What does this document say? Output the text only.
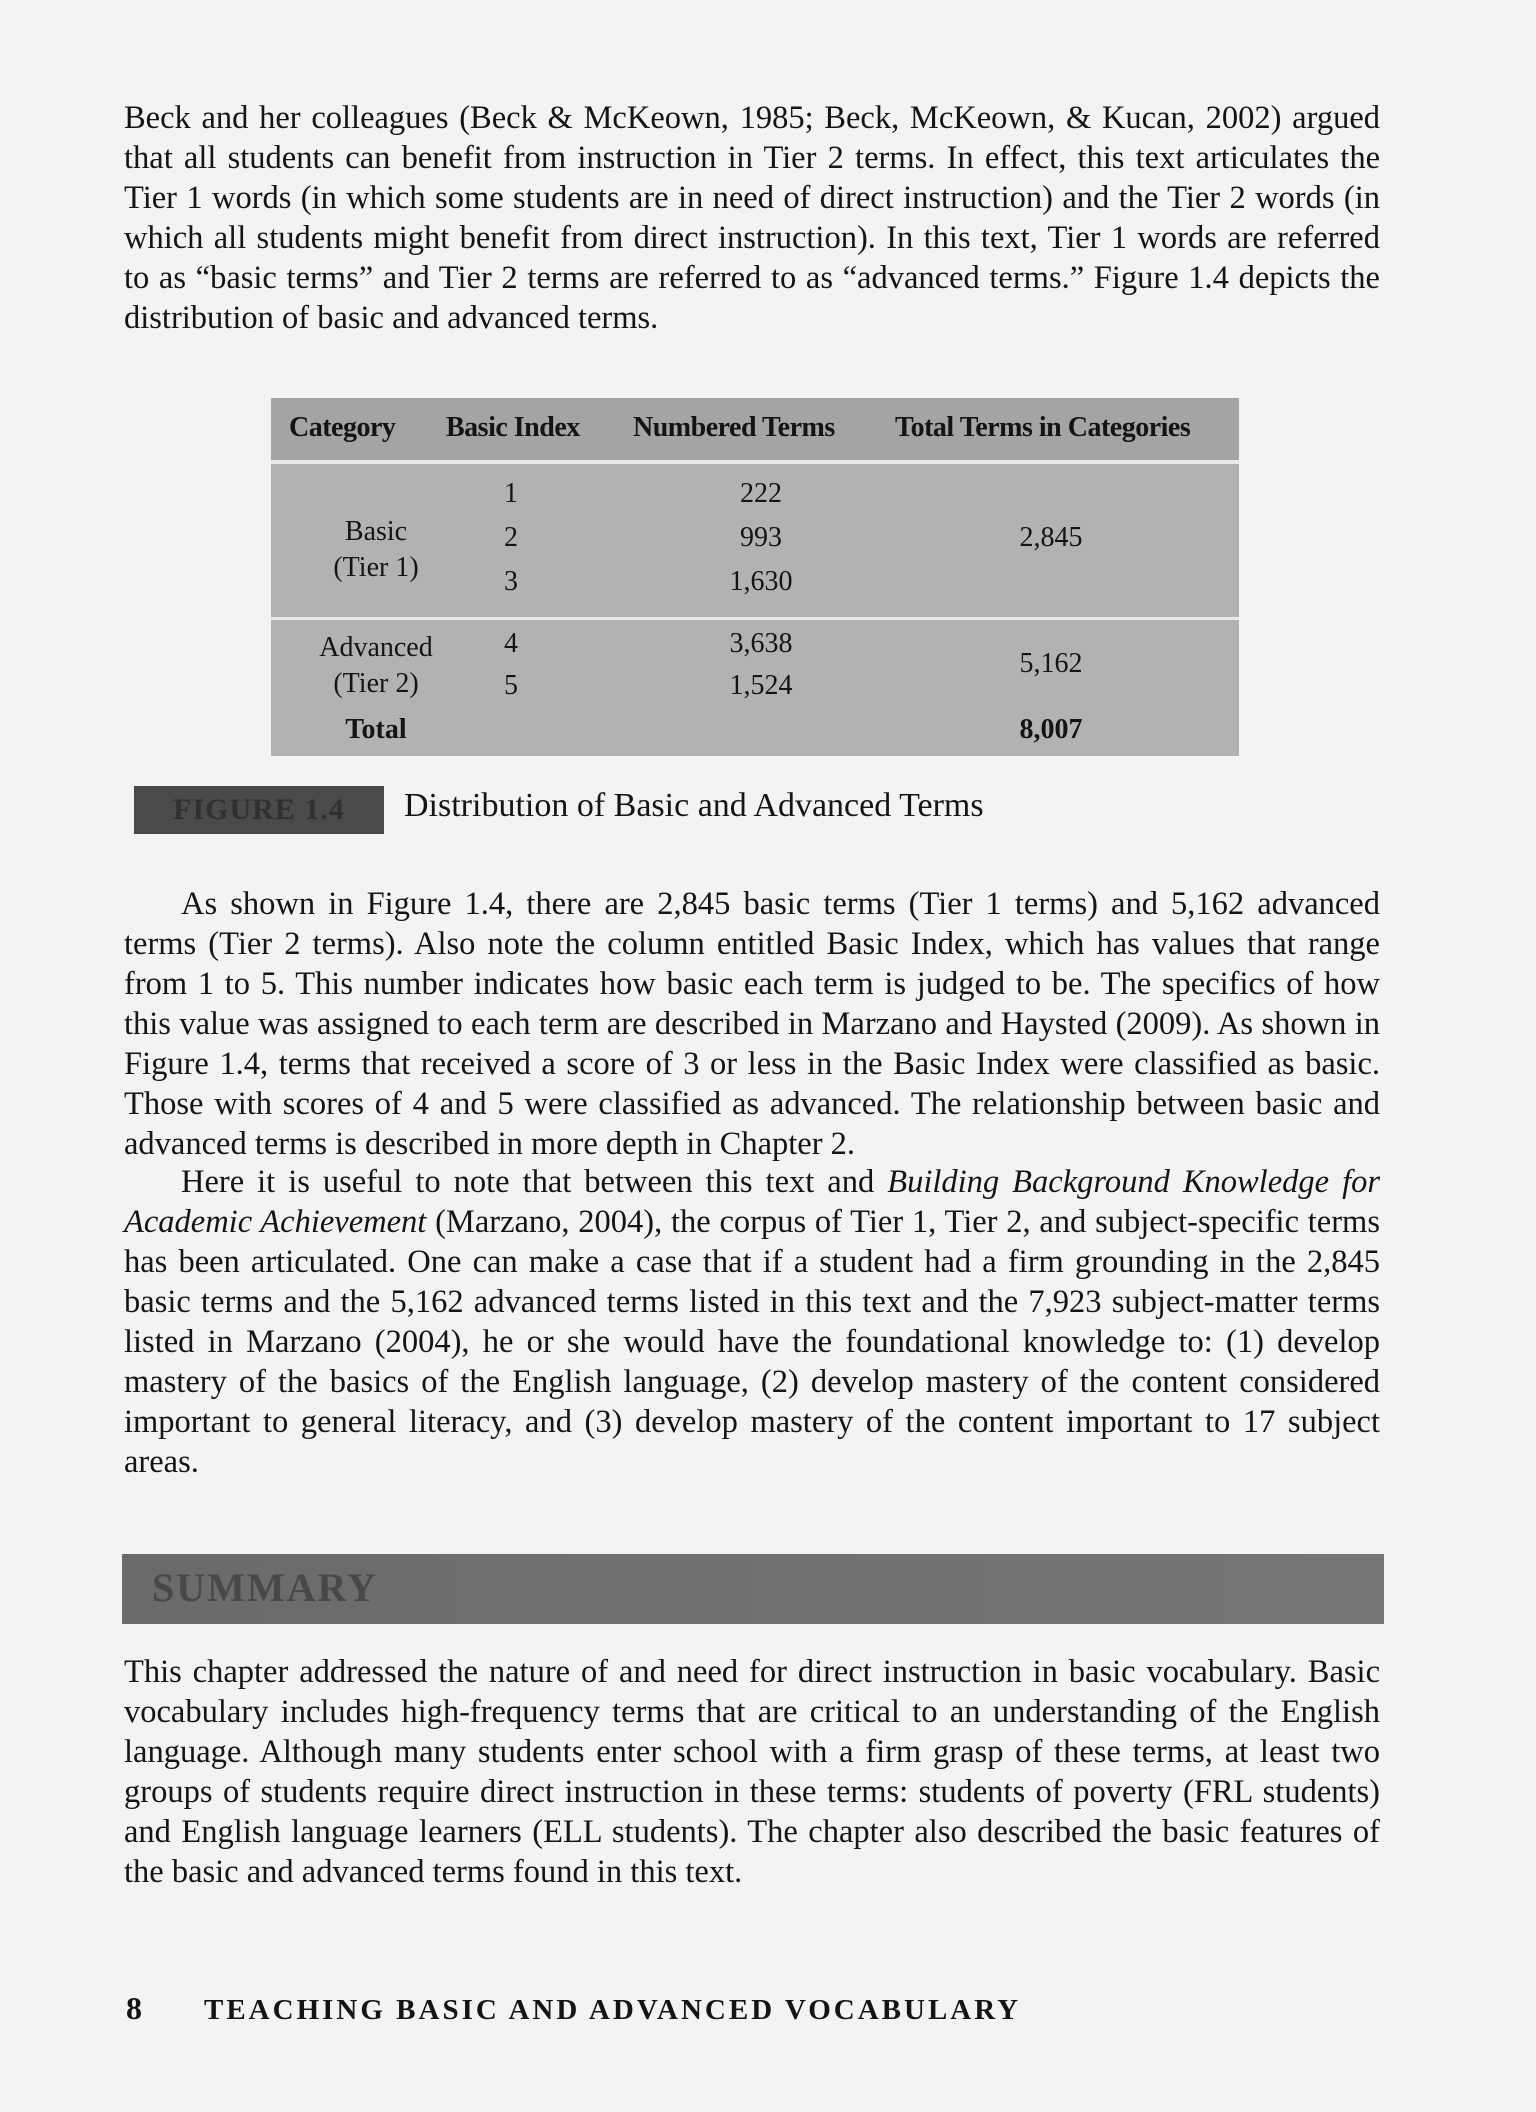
Beck and her colleagues (Beck & McKeown, 1985; Beck, McKeown, & Kucan, 2002) argued that all students can benefit from instruction in Tier 2 terms. In effect, this text articulates the Tier 1 words (in which some students are in need of direct instruction) and the Tier 2 words (in which all students might benefit from direct instruction). In this text, Tier 1 words are referred to as “basic terms” and Tier 2 terms are referred to as “advanced terms.” Figure 1.4 depicts the distribution of basic and advanced terms.

Category Basic Index Numbered Terms Total Terms in Categories
Basic
(Tier 1)
1
2
3
222
993
1,630
2,845
Advanced
(Tier 2)
4
5
3,638
1,524
5,162
Total	8,007
FIGURE 1.4	Distribution of Basic and Advanced Terms

As shown in Figure 1.4, there are 2,845 basic terms (Tier 1 terms) and 5,162 advanced terms (Tier 2 terms). Also note the column entitled Basic Index, which has values that range from 1 to 5. This number indicates how basic each term is judged to be. The specifics of how this value was assigned to each term are described in Marzano and Haysted (2009). As shown in Figure 1.4, terms that received a score of 3 or less in the Basic Index were classified as basic. Those with scores of 4 and 5 were classified as advanced. The relationship between basic and advanced terms is described in more depth in Chapter 2.

Here it is useful to note that between this text and Building Background Knowledge for Academic Achievement (Marzano, 2004), the corpus of Tier 1, Tier 2, and subject-specific terms has been articulated. One can make a case that if a student had a firm grounding in the 2,845 basic terms and the 5,162 advanced terms listed in this text and the 7,923 subject-matter terms listed in Marzano (2004), he or she would have the foundational knowledge to: (1) develop mastery of the basics of the English language, (2) develop mastery of the content considered important to general literacy, and (3) develop mastery of the content important to 17 subject areas.

SUMMARY

This chapter addressed the nature of and need for direct instruction in basic vocabulary. Basic vocabulary includes high-frequency terms that are critical to an understanding of the English language. Although many students enter school with a firm grasp of these terms, at least two groups of students require direct instruction in these terms: students of poverty (FRL students) and English language learners (ELL students). The chapter also described the basic features of the basic and advanced terms found in this text.

8 TEACHING BASIC AND ADVANCED VOCABULARY
